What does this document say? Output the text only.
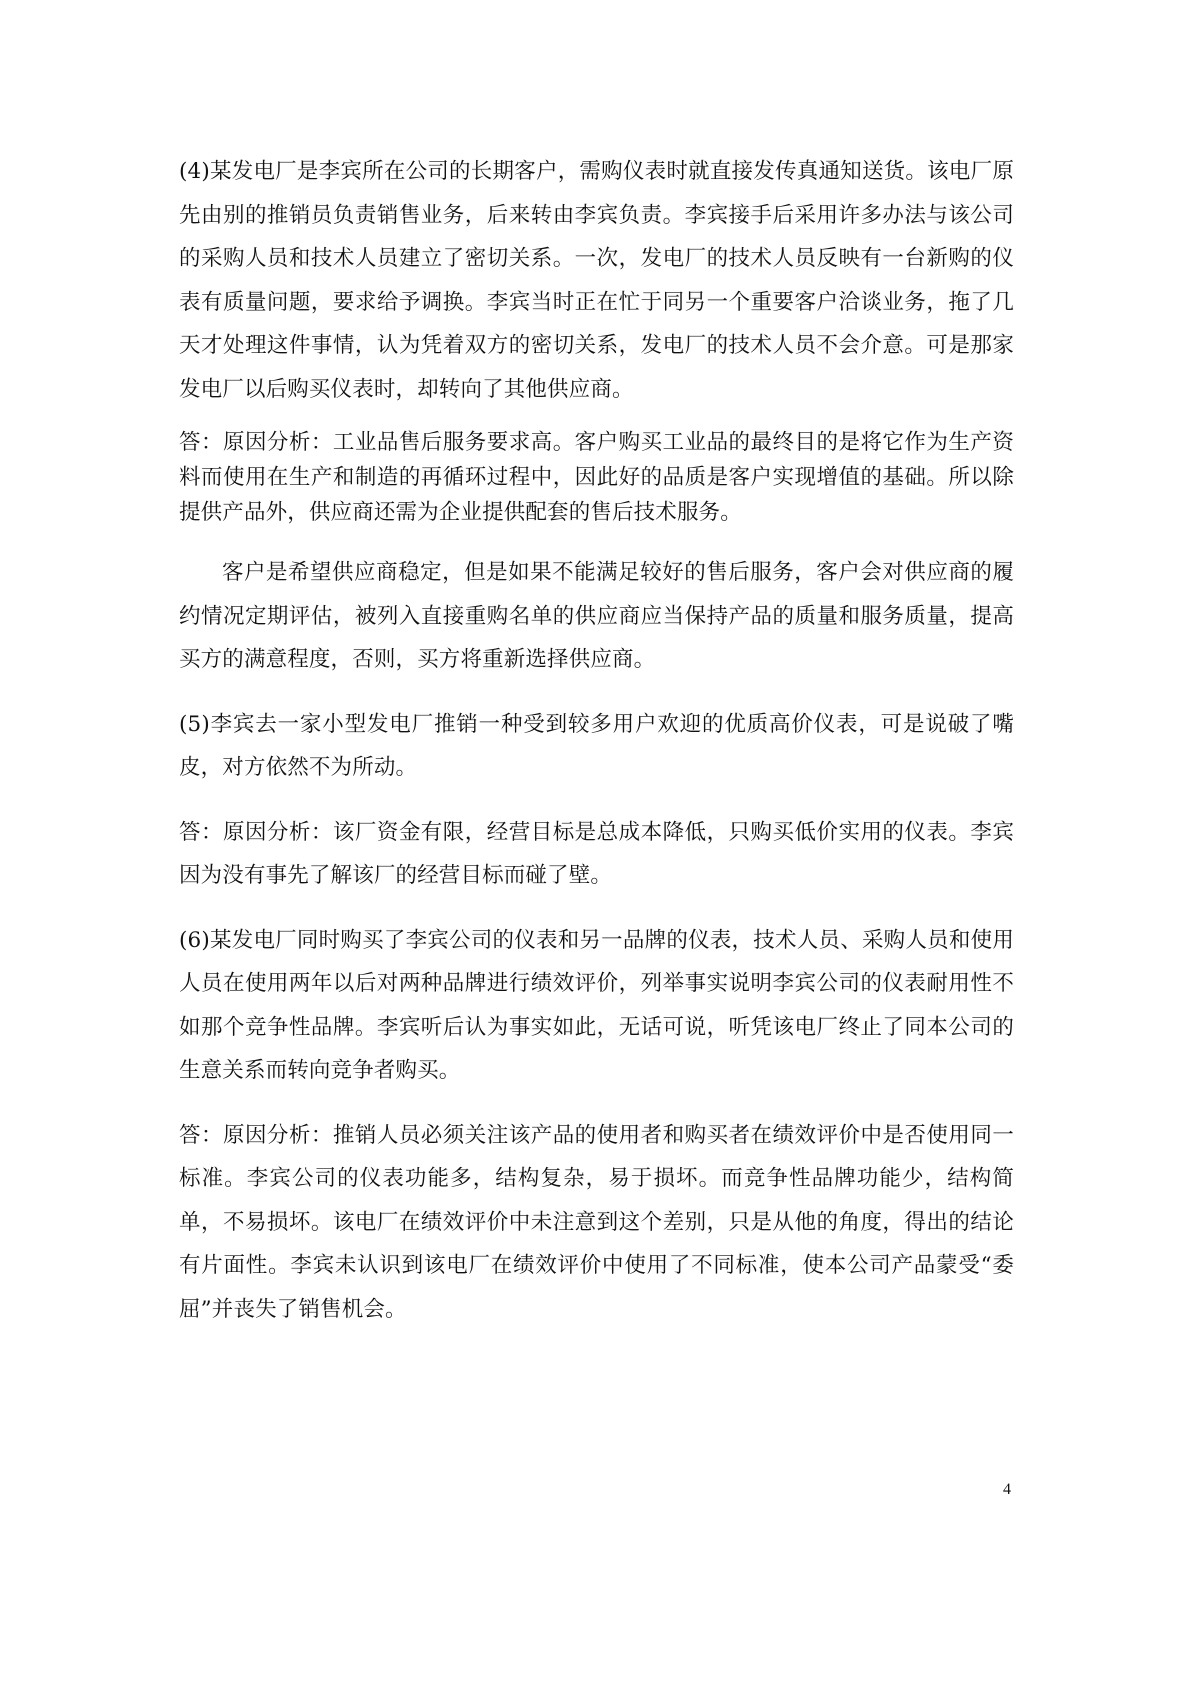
(4)某发电厂是李宾所在公司的长期客户，需购仪表时就直接发传真通知送货。该电厂原先由别的推销员负责销售业务，后来转由李宾负责。李宾接手后采用许多办法与该公司的采购人员和技术人员建立了密切关系。一次，发电厂的技术人员反映有一台新购的仪表有质量问题，要求给予调换。李宾当时正在忙于同另一个重要客户洽谈业务，拖了几天才处理这件事情，认为凭着双方的密切关系，发电厂的技术人员不会介意。可是那家发电厂以后购买仪表时，却转向了其他供应商。

答：原因分析：工业品售后服务要求高。客户购买工业品的最终目的是将它作为生产资料而使用在生产和制造的再循环过程中，因此好的品质是客户实现增值的基础。所以除提供产品外，供应商还需为企业提供配套的售后技术服务。

客户是希望供应商稳定，但是如果不能满足较好的售后服务，客户会对供应商的履约情况定期评估，被列入直接重购名单的供应商应当保持产品的质量和服务质量，提高买方的满意程度，否则，买方将重新选择供应商。

(5)李宾去一家小型发电厂推销一种受到较多用户欢迎的优质高价仪表，可是说破了嘴皮，对方依然不为所动。

答：原因分析：该厂资金有限，经营目标是总成本降低，只购买低价实用的仪表。李宾因为没有事先了解该厂的经营目标而碰了壁。

(6)某发电厂同时购买了李宾公司的仪表和另一品牌的仪表，技术人员、采购人员和使用人员在使用两年以后对两种品牌进行绩效评价，列举事实说明李宾公司的仪表耐用性不如那个竞争性品牌。李宾听后认为事实如此，无话可说，听凭该电厂终止了同本公司的生意关系而转向竞争者购买。

答：原因分析：推销人员必须关注该产品的使用者和购买者在绩效评价中是否使用同一标准。李宾公司的仪表功能多，结构复杂，易于损坏。而竞争性品牌功能少，结构简单，不易损坏。该电厂在绩效评价中未注意到这个差别，只是从他的角度，得出的结论有片面性。李宾未认识到该电厂在绩效评价中使用了不同标准，使本公司产品蒙受“委屈”并丧失了销售机会。

4
